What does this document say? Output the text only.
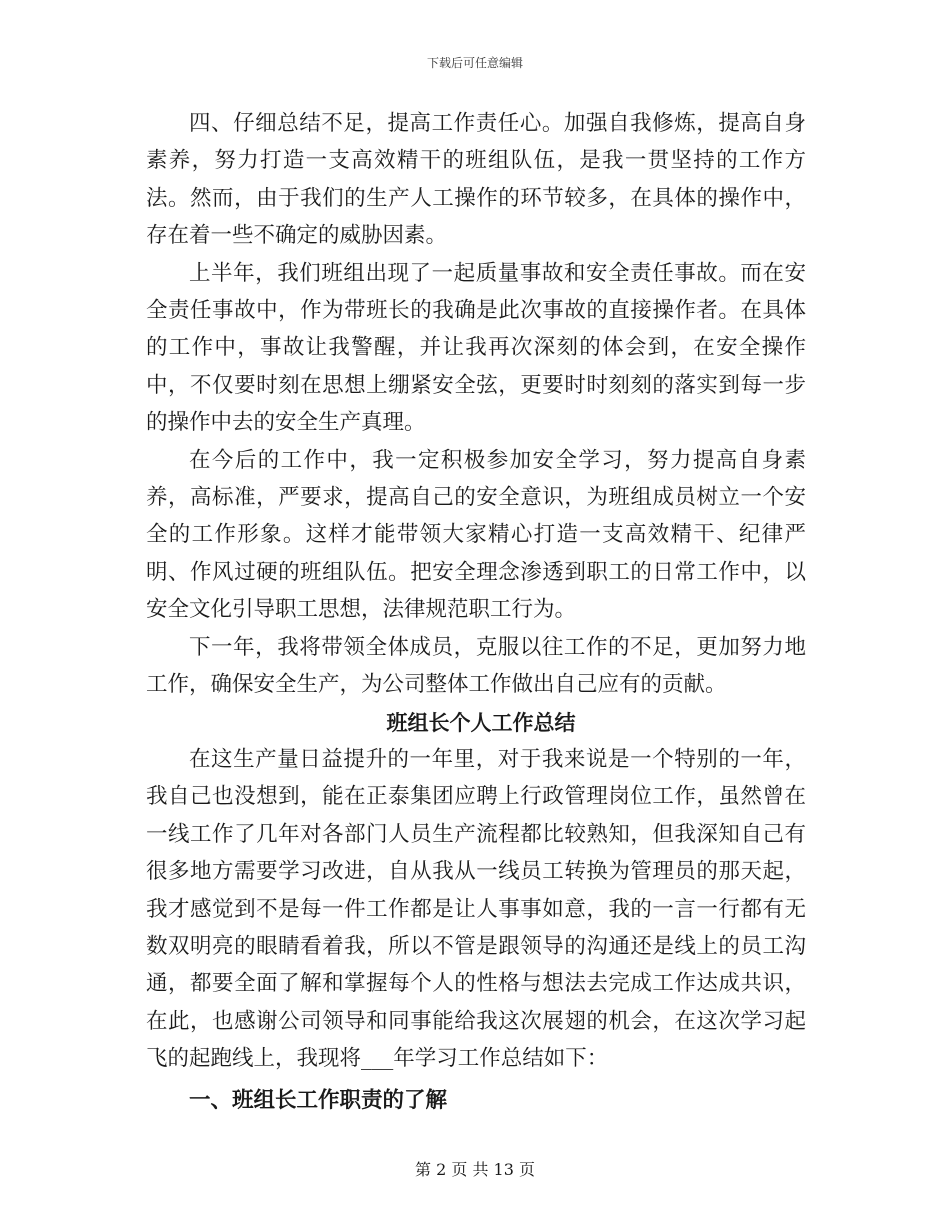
下载后可任意编辑

四、仔细总结不足，提高工作责任心。加强自我修炼，提高自身素养，努力打造一支高效精干的班组队伍，是我一贯坚持的工作方法。然而，由于我们的生产人工操作的环节较多，在具体的操作中，存在着一些不确定的威胁因素。

上半年，我们班组出现了一起质量事故和安全责任事故。而在安全责任事故中，作为带班长的我确是此次事故的直接操作者。在具体的工作中，事故让我警醒，并让我再次深刻的体会到，在安全操作中，不仅要时刻在思想上绷紧安全弦，更要时时刻刻的落实到每一步的操作中去的安全生产真理。

在今后的工作中，我一定积极参加安全学习，努力提高自身素养，高标准，严要求，提高自己的安全意识，为班组成员树立一个安全的工作形象。这样才能带领大家精心打造一支高效精干、纪律严明、作风过硬的班组队伍。把安全理念渗透到职工的日常工作中，以安全文化引导职工思想，法律规范职工行为。

下一年，我将带领全体成员，克服以往工作的不足，更加努力地工作，确保安全生产，为公司整体工作做出自己应有的贡献。

班组长个人工作总结

在这生产量日益提升的一年里，对于我来说是一个特别的一年，我自己也没想到，能在正泰集团应聘上行政管理岗位工作，虽然曾在一线工作了几年对各部门人员生产流程都比较熟知，但我深知自己有很多地方需要学习改进，自从我从一线员工转换为管理员的那天起，我才感觉到不是每一件工作都是让人事事如意，我的一言一行都有无数双明亮的眼睛看着我，所以不管是跟领导的沟通还是线上的员工沟通，都要全面了解和掌握每个人的性格与想法去完成工作达成共识，在此，也感谢公司领导和同事能给我这次展翅的机会，在这次学习起飞的起跑线上，我现将___年学习工作总结如下：

一、班组长工作职责的了解

第 2 页 共 13 页
